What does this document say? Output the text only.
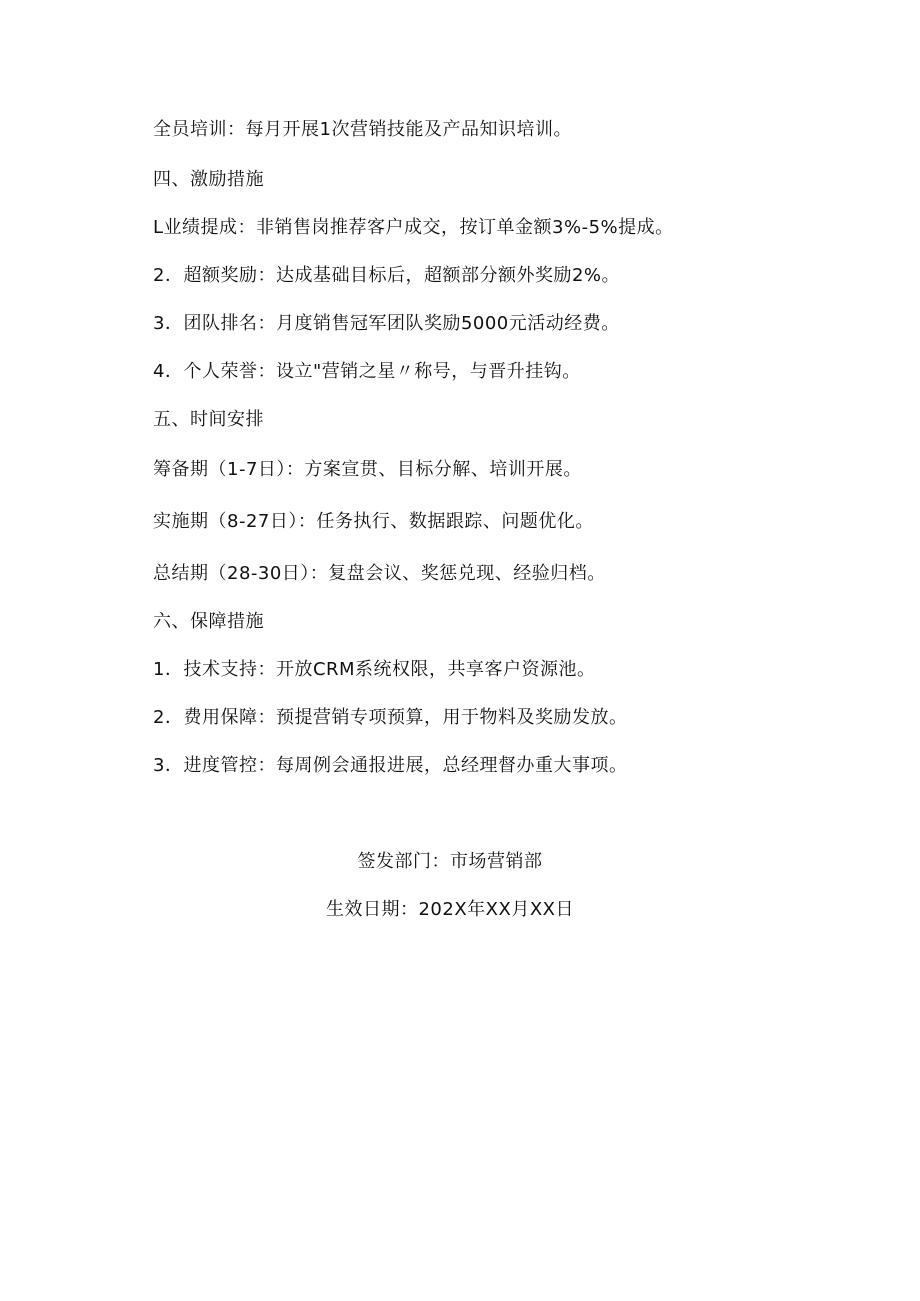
全员培训：每月开展1次营销技能及产品知识培训。
四、激励措施
L业绩提成：非销售岗推荐客户成交，按订单金额3%-5%提成。
2．超额奖励：达成基础目标后，超额部分额外奖励2%。
3．团队排名：月度销售冠军团队奖励5000元活动经费。
4．个人荣誉：设立"营销之星〃称号，与晋升挂钩。
五、时间安排
筹备期（1-7日）：方案宣贯、目标分解、培训开展。
实施期（8-27日）：任务执行、数据跟踪、问题优化。
总结期（28-30日）：复盘会议、奖惩兑现、经验归档。
六、保障措施
1．技术支持：开放CRM系统权限，共享客户资源池。
2．费用保障：预提营销专项预算，用于物料及奖励发放。
3．进度管控：每周例会通报进展，总经理督办重大事项。
签发部门：市场营销部
生效日期：202X年XX月XX日
